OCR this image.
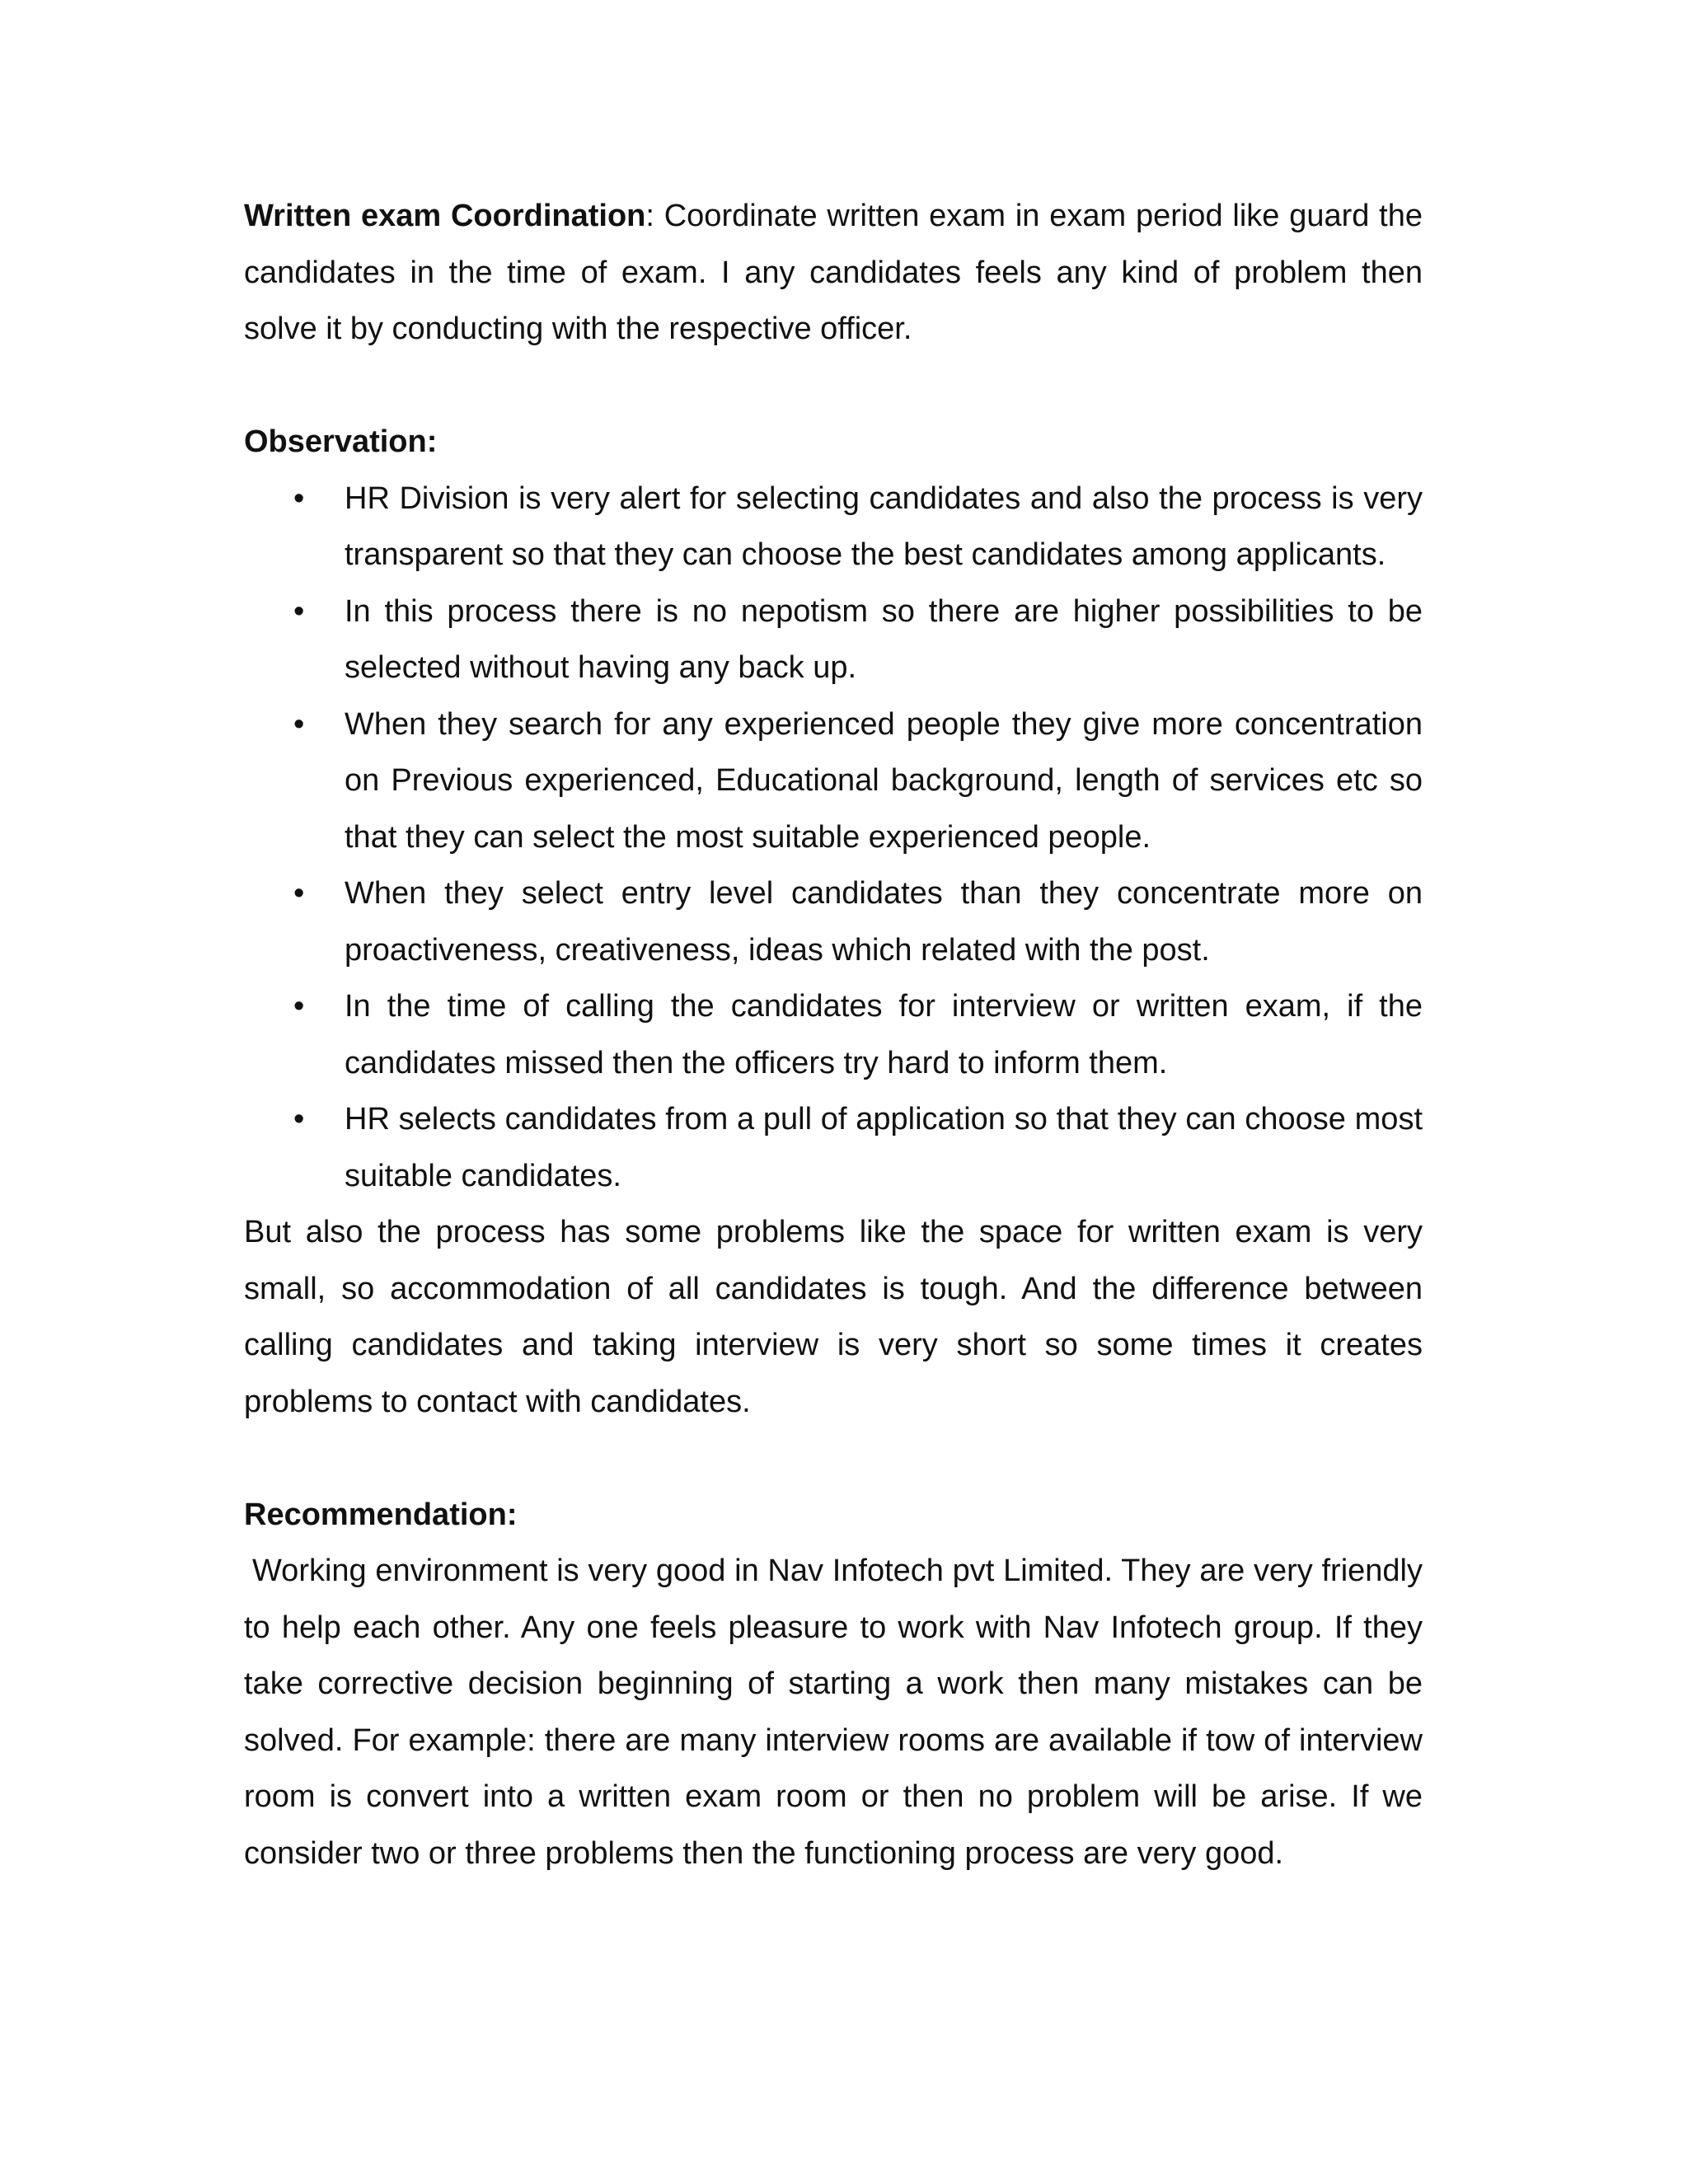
Written exam Coordination: Coordinate written exam in exam period like guard the candidates in the time of exam. I any candidates feels any kind of problem then solve it by conducting with the respective officer.

Observation:

• HR Division is very alert for selecting candidates and also the process is very transparent so that they can choose the best candidates among applicants.
• In this process there is no nepotism so there are higher possibilities to be selected without having any back up.
• When they search for any experienced people they give more concentration on Previous experienced, Educational background, length of services etc so that they can select the most suitable experienced people.
• When they select entry level candidates than they concentrate more on proactiveness, creativeness, ideas which related with the post.
• In the time of calling the candidates for interview or written exam, if the candidates missed then the officers try hard to inform them.
• HR selects candidates from a pull of application so that they can choose most suitable candidates.

But also the process has some problems like the space for written exam is very small, so accommodation of all candidates is tough. And the difference between calling candidates and taking interview is very short so some times it creates problems to contact with candidates.

Recommendation:

Working environment is very good in Nav Infotech pvt Limited. They are very friendly to help each other. Any one feels pleasure to work with Nav Infotech group. If they take corrective decision beginning of starting a work then many mistakes can be solved. For example: there are many interview rooms are available if tow of interview room is convert into a written exam room or then no problem will be arise. If we consider two or three problems then the functioning process are very good.
